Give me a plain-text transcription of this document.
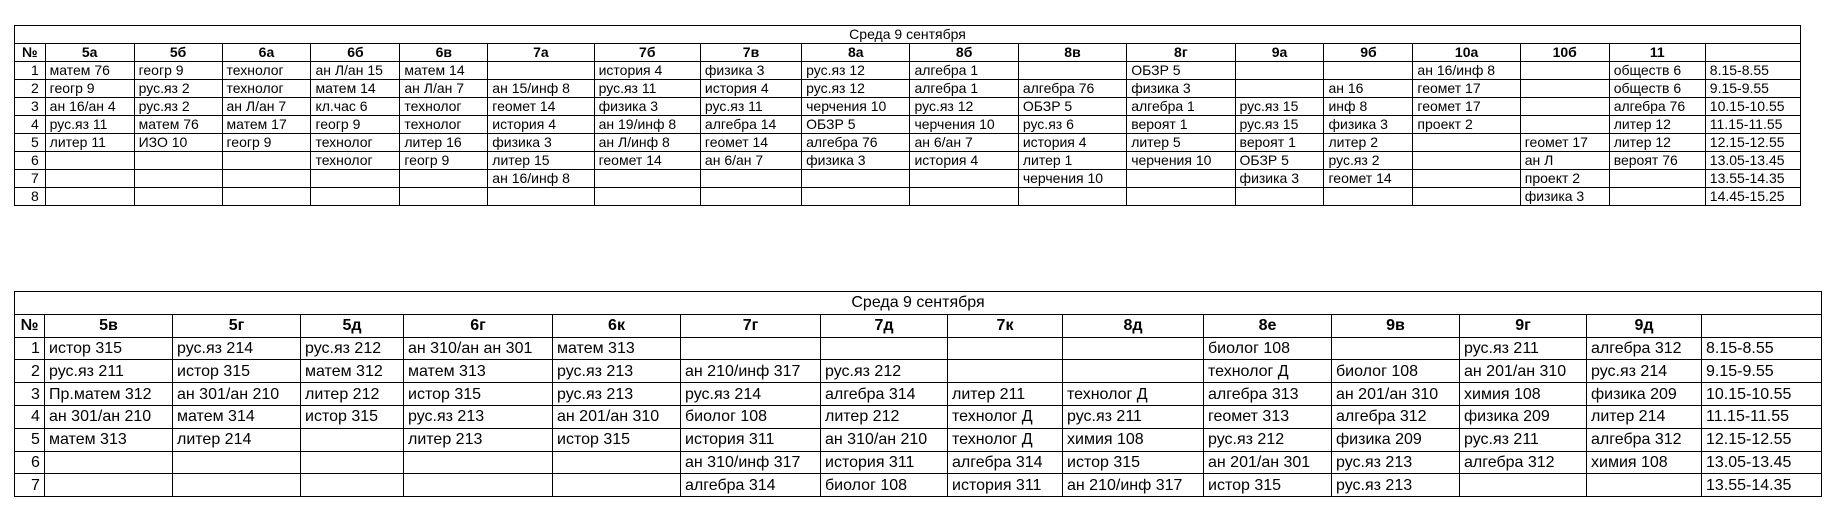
Среда 9 сентября																		
№	5а	5б	6а	6б	6в	7а	7б	7в	8а	8б	8в	8г	9а	9б	10а	10б	11	
1	матем 76	геогр 9	технолог	ан Л/ан 15	матем 14		история 4	физика 3	рус.яз 12	алгебра 1		ОБЗР 5			ан 16/инф 8		обществ 6	8.15-8.55
2	геогр 9	рус.яз 2	технолог	матем 14	ан Л/ан 7	ан 15/инф 8	рус.яз 11	история 4	рус.яз 12	алгебра 1	алгебра 76	физика 3		ан 16	геомет 17		обществ 6	9.15-9.55
3	ан 16/ан 4	рус.яз 2	ан Л/ан 7	кл.час 6	технолог	геомет 14	физика 3	рус.яз 11	черчения 10	рус.яз 12	ОБЗР 5	алгебра 1	рус.яз 15	инф 8	геомет 17		алгебра 76	10.15-10.55
4	рус.яз 11	матем 76	матем 17	геогр 9	технолог	история 4	ан 19/инф 8	алгебра 14	ОБЗР 5	черчения 10	рус.яз 6	вероят 1	рус.яз 15	физика 3	проект 2		литер 12	11.15-11.55
5	литер 11	ИЗО 10	геогр 9	технолог	литер 16	физика 3	ан Л/инф 8	геомет 14	алгебра 76	ан 6/ан 7	история 4	литер 5	вероят 1	литер 2		геомет 17	литер 12	12.15-12.55
6				технолог	геогр 9	литер 15	геомет 14	ан 6/ан 7	физика 3	история 4	литер 1	черчения 10	ОБЗР 5	рус.яз 2		ан Л	вероят 76	13.05-13.45
7						ан 16/инф 8					черчения 10		физика 3	геомет 14		проект 2		13.55-14.35
8																физика 3		14.45-15.25
Среда 9 сентября														
№	5в	5г	5д	6г	6к	7г	7д	7к	8д	8е	9в	9г	9д	
1	истор 315	рус.яз 214	рус.яз 212	ан 310/ан ан 301	матем 313					биолог 108		рус.яз 211	алгебра 312	8.15-8.55
2	рус.яз 211	истор 315	матем 312	матем 313	рус.яз 213	ан 210/инф 317	рус.яз 212			технолог Д	биолог 108	ан 201/ан 310	рус.яз 214	9.15-9.55
3	Пр.матем 312	ан 301/ан 210	литер 212	истор 315	рус.яз 213	рус.яз 214	алгебра 314	литер 211	технолог Д	алгебра 313	ан 201/ан 310	химия 108	физика 209	10.15-10.55
4	ан 301/ан 210	матем 314	истор 315	рус.яз 213	ан 201/ан 310	биолог 108	литер 212	технолог Д	рус.яз 211	геомет 313	алгебра 312	физика 209	литер 214	11.15-11.55
5	матем 313	литер 214		литер 213	истор 315	история 311	ан 310/ан 210	технолог Д	химия 108	рус.яз 212	физика 209	рус.яз 211	алгебра 312	12.15-12.55
6						ан 310/инф 317	история 311	алгебра 314	истор 315	ан 201/ан 301	рус.яз 213	алгебра 312	химия 108	13.05-13.45
7						алгебра 314	биолог 108	история 311	ан 210/инф 317	истор 315	рус.яз 213			13.55-14.35
